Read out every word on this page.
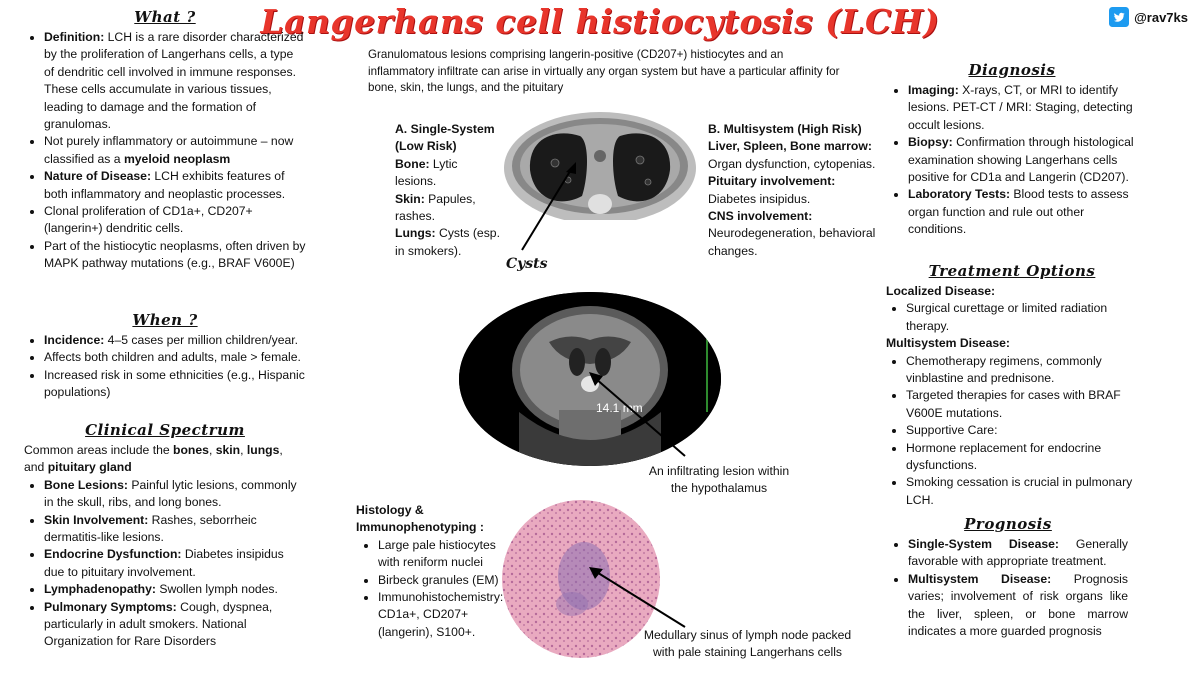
Langerhans cell histiocytosis (LCH)	@rav7ks
What ?
• Definition: LCH is a rare disorder characterized by the proliferation of Langerhans cells, a type of dendritic cell involved in immune responses. These cells accumulate in various tissues, leading to damage and the formation of granulomas.
• Not purely inflammatory or autoimmune – now classified as a myeloid neoplasm
• Nature of Disease: LCH exhibits features of both inflammatory and neoplastic processes.
• Clonal proliferation of CD1a+, CD207+ (langerin+) dendritic cells.
• Part of the histiocytic neoplasms, often driven by MAPK pathway mutations (e.g., BRAF V600E)
When ?
• Incidence: 4–5 cases per million children/year.
• Affects both children and adults, male > female.
• Increased risk in some ethnicities (e.g., Hispanic populations)
Clinical Spectrum
Common areas include the bones, skin, lungs, and pituitary gland
• Bone Lesions: Painful lytic lesions, commonly in the skull, ribs, and long bones.
• Skin Involvement: Rashes, seborrheic dermatitis-like lesions.
• Endocrine Dysfunction: Diabetes insipidus due to pituitary involvement.
• Lymphadenopathy: Swollen lymph nodes.
• Pulmonary Symptoms: Cough, dyspnea, particularly in adult smokers. National Organization for Rare Disorders
Granulomatous lesions comprising langerin-positive (CD207+) histiocytes and an inflammatory infiltrate can arise in virtually any organ system but have a particular affinity for bone, skin, the lungs, and the pituitary
A. Single-System (Low Risk)
Bone: Lytic lesions.
Skin: Papules, rashes.
Lungs: Cysts (esp. in smokers).
Cysts
B. Multisystem (High Risk)
Liver, Spleen, Bone marrow: Organ dysfunction, cytopenias.
Pituitary involvement: Diabetes insipidus.
CNS involvement: Neurodegeneration, behavioral changes.
14.1 mm
An infiltrating lesion within the hypothalamus
Histology & Immunophenotyping :
• Large pale histiocytes with reniform nuclei
• Birbeck granules (EM)
• Immunohistochemistry: CD1a+, CD207+ (langerin), S100+.	Medullary sinus of lymph node packed with pale staining Langerhans cells
Diagnosis
• Imaging: X-rays, CT, or MRI to identify lesions. PET-CT / MRI: Staging, detecting occult lesions.
• Biopsy: Confirmation through histological examination showing Langerhans cells positive for CD1a and Langerin (CD207).
• Laboratory Tests: Blood tests to assess organ function and rule out other conditions.
Treatment Options
Localized Disease:
• Surgical curettage or limited radiation therapy.
Multisystem Disease:
• Chemotherapy regimens, commonly vinblastine and prednisone.
• Targeted therapies for cases with BRAF V600E mutations.
• Supportive Care:
• Hormone replacement for endocrine dysfunctions.
• Smoking cessation is crucial in pulmonary LCH.
Prognosis
• Single-System Disease: Generally favorable with appropriate treatment.
• Multisystem Disease: Prognosis varies; involvement of risk organs like the liver, spleen, or bone marrow indicates a more guarded prognosis
